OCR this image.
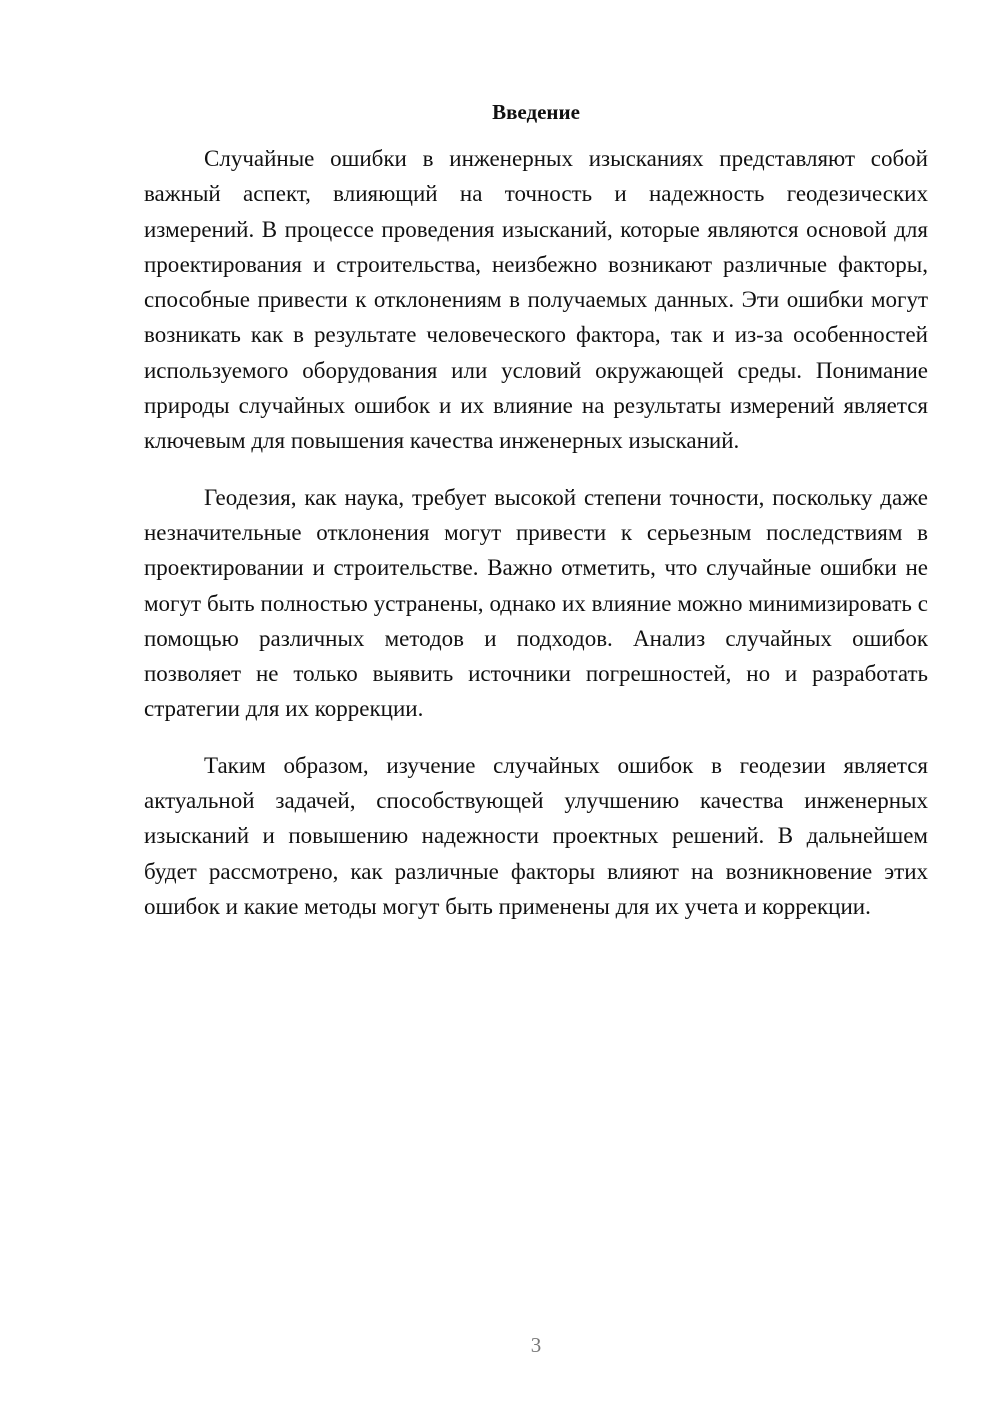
Введение

Случайные ошибки в инженерных изысканиях представляют собой важный аспект, влияющий на точность и надежность геодезических измерений. В процессе проведения изысканий, которые являются основой для проектирования и строительства, неизбежно возникают различные факторы, способные привести к отклонениям в получаемых данных. Эти ошибки могут возникать как в результате человеческого фактора, так и из-за особенностей используемого оборудования или условий окружающей среды. Понимание природы случайных ошибок и их влияние на результаты измерений является ключевым для повышения качества инженерных изысканий.

Геодезия, как наука, требует высокой степени точности, поскольку даже незначительные отклонения могут привести к серьезным последствиям в проектировании и строительстве. Важно отметить, что случайные ошибки не могут быть полностью устранены, однако их влияние можно минимизировать с помощью различных методов и подходов. Анализ случайных ошибок позволяет не только выявить источники погрешностей, но и разработать стратегии для их коррекции.

Таким образом, изучение случайных ошибок в геодезии является актуальной задачей, способствующей улучшению качества инженерных изысканий и повышению надежности проектных решений. В дальнейшем будет рассмотрено, как различные факторы влияют на возникновение этих ошибок и какие методы могут быть применены для их учета и коррекции.

3
